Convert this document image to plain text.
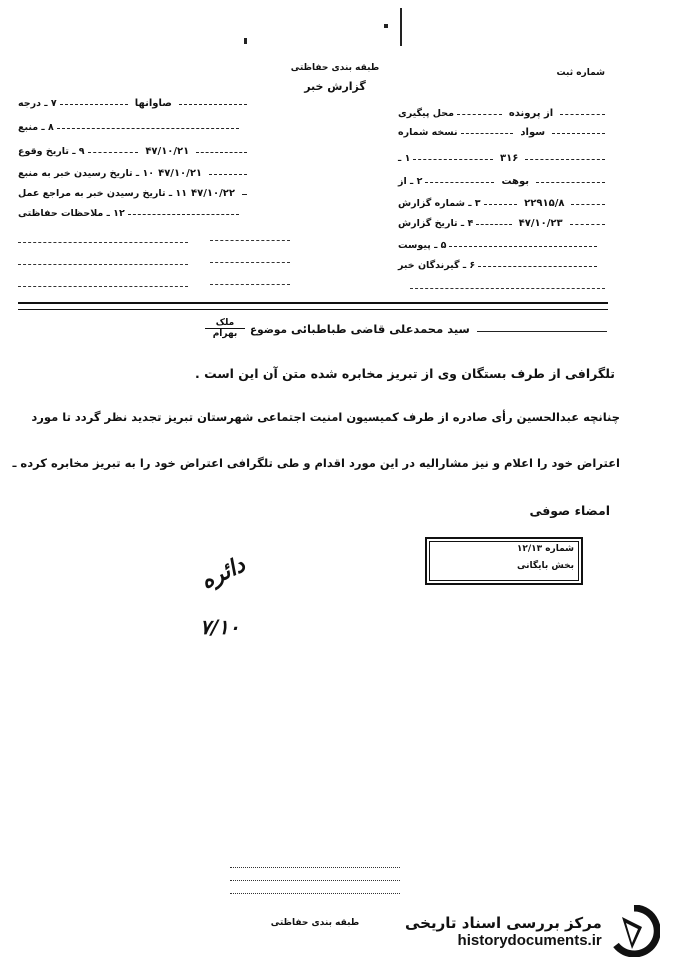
طبقه بندی حفاظتی
گزارش خبر
شماره ثبت
۷ ـ درجه	صاوانها
۸ ـ منبع
۹ ـ تاریخ وقوع	۴۷/۱۰/۲۱
۱۰ ـ تاریخ رسیدن خبر به منبع ۴۷/۱۰/۲۱
۱۱ ـ تاریخ رسیدن خبر به مراجع عمل ۴۷/۱۰/۲۲
۱۲ ـ ملاحظات حفاظتی
محل پیگیری	از پرونده
نسخه شماره	سواد
۱ ـ	۳۱۶
۲ ـ از	بوهت
۳ ـ شماره گزارش	۲۲۹۱۵/۸
۴ ـ تاریخ گزارش	۴۷/۱۰/۲۳
۵ ـ پیوست
۶ ـ گیرندگان خبر
ملک
بهرام	موضوع سید محمدعلی قاضی طباطبائی
تلگرافی از طرف بستگان وی از تبریز مخابره شده متن آن این است .
چنانچه عبدالحسین رأی صادره از طرف کمیسیون امنیت اجتماعی شهرستان تبریز تجدید نظر گردد تا مورد
اعتراض خود را اعلام و نیز مشارالیه در این مورد اقدام و طی تلگرافی اعتراض خود را به تبریز مخابره کرده ـ
امضاء صوفی
شماره ۱۲/۱۳
بخش بایگانی
دائره
۷/۱۰
طبقه بندی حفاظتی	مرکز بررسی اسناد تاریخی
historydocuments.ir
